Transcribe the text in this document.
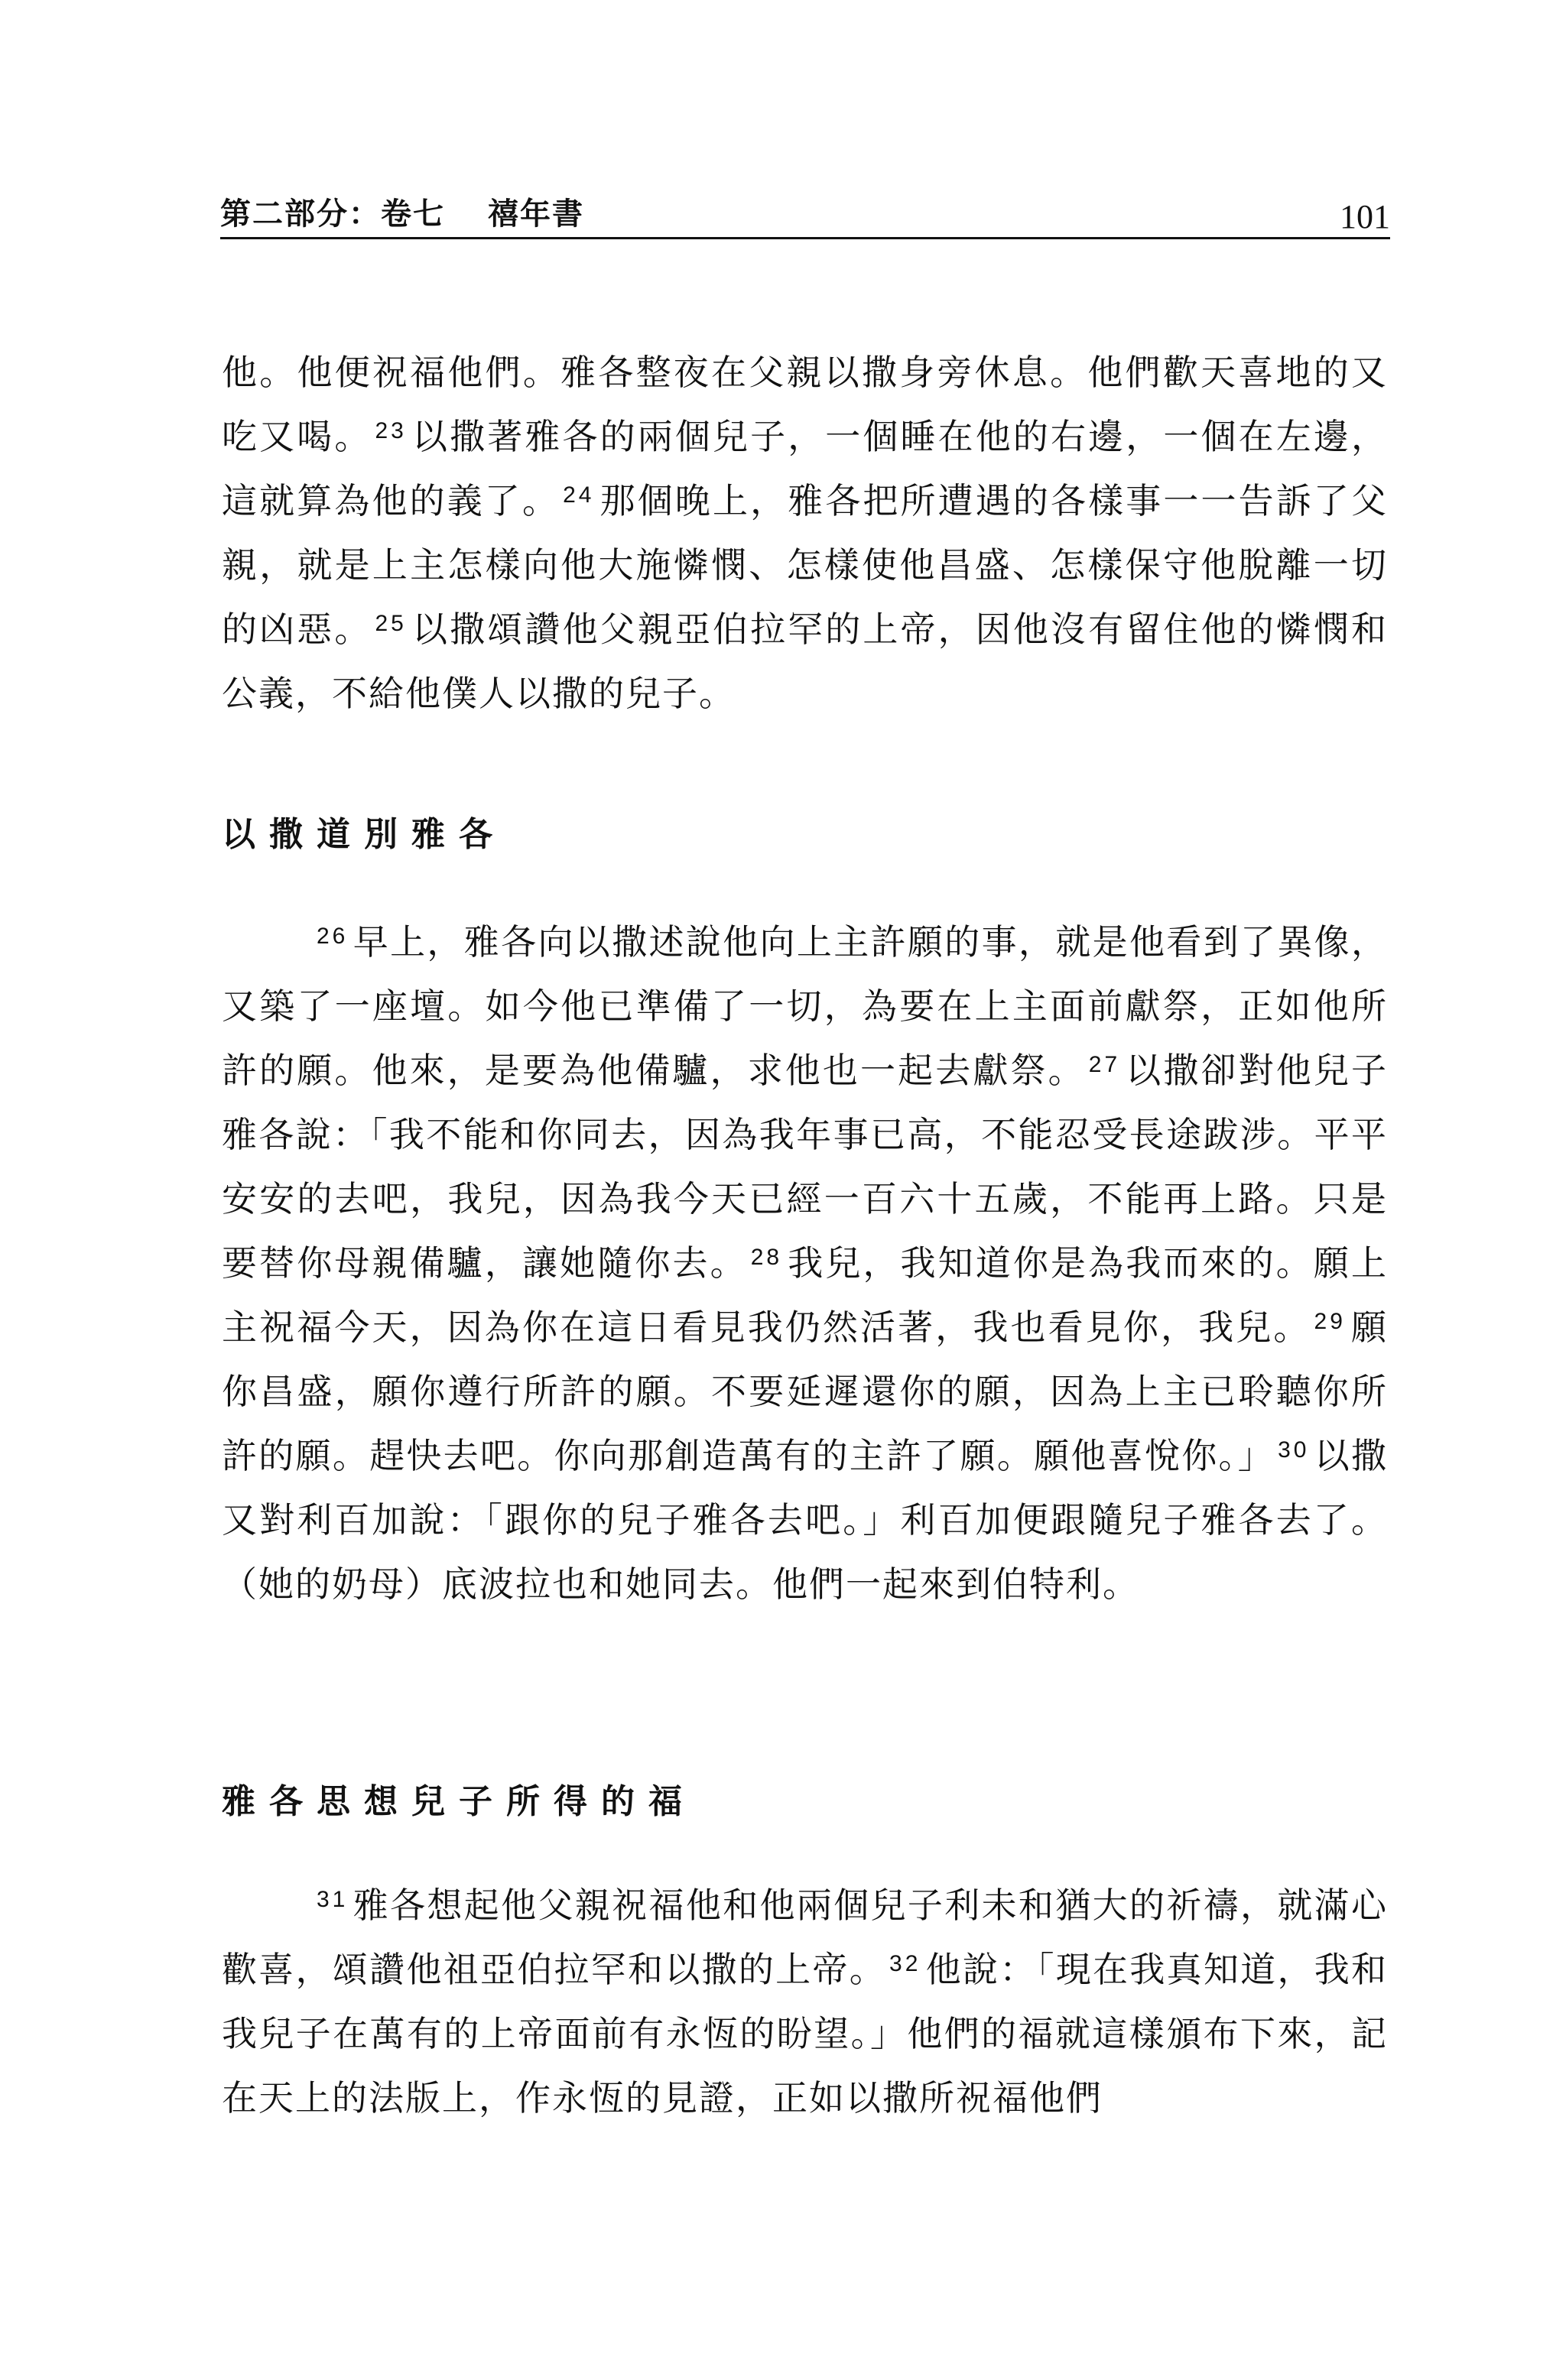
第二部分：卷七 禧年書	101

他。他便祝福他們。雅各整夜在父親以撒身旁休息。他們歡天喜地的又吃又喝。 $^{23}$ 以撒著雅各的兩個兒子，一個睡在他的右邊，一個在左邊，這就算為他的義了。 $^{24}$ 那個晚上，雅各把所遭遇的各樣事一一告訴了父親，就是上主怎樣向他大施憐憫、怎樣使他昌盛、怎樣保守他脫離一切的凶惡。 $^{25}$ 以撒頌讚他父親亞伯拉罕的上帝，因他沒有留住他的憐憫和公義，不給他僕人以撒的兒子。

以撒道別雅各

$^{26}$ 早上，雅各向以撒述說他向上主許願的事，就是他看到了異像，又築了一座壇。如今他已準備了一切，為要在上主面前獻祭，正如他所許的願。他來，是要為他備驢，求他也一起去獻祭。 $^{27}$ 以撒卻對他兒子雅各說：「我不能和你同去，因為我年事已高，不能忍受長途跋涉。平平安安的去吧，我兒，因為我今天已經一百六十五歲，不能再上路。只是要替你母親備驢，讓她隨你去。 $^{28}$ 我兒，我知道你是為我而來的。願上主祝福今天，因為你在這日看見我仍然活著，我也看見你，我兒。 $^{29}$ 願你昌盛，願你遵行所許的願。不要延遲還你的願，因為上主已聆聽你所許的願。趕快去吧。你向那創造萬有的主許了願。願他喜悅你。」 $^{30}$ 以撒又對利百加說：「跟你的兒子雅各去吧。」利百加便跟隨兒子雅各去了。（她的奶母）底波拉也和她同去。他們一起來到伯特利。

雅各思想兒子所得的福

$^{31}$ 雅各想起他父親祝福他和他兩個兒子利未和猶大的祈禱，就滿心歡喜，頌讚他祖亞伯拉罕和以撒的上帝。 $^{32}$ 他說：「現在我真知道，我和我兒子在萬有的上帝面前有永恆的盼望。」他們的福就這樣頒布下來，記在天上的法版上，作永恆的見證，正如以撒所祝福他們
